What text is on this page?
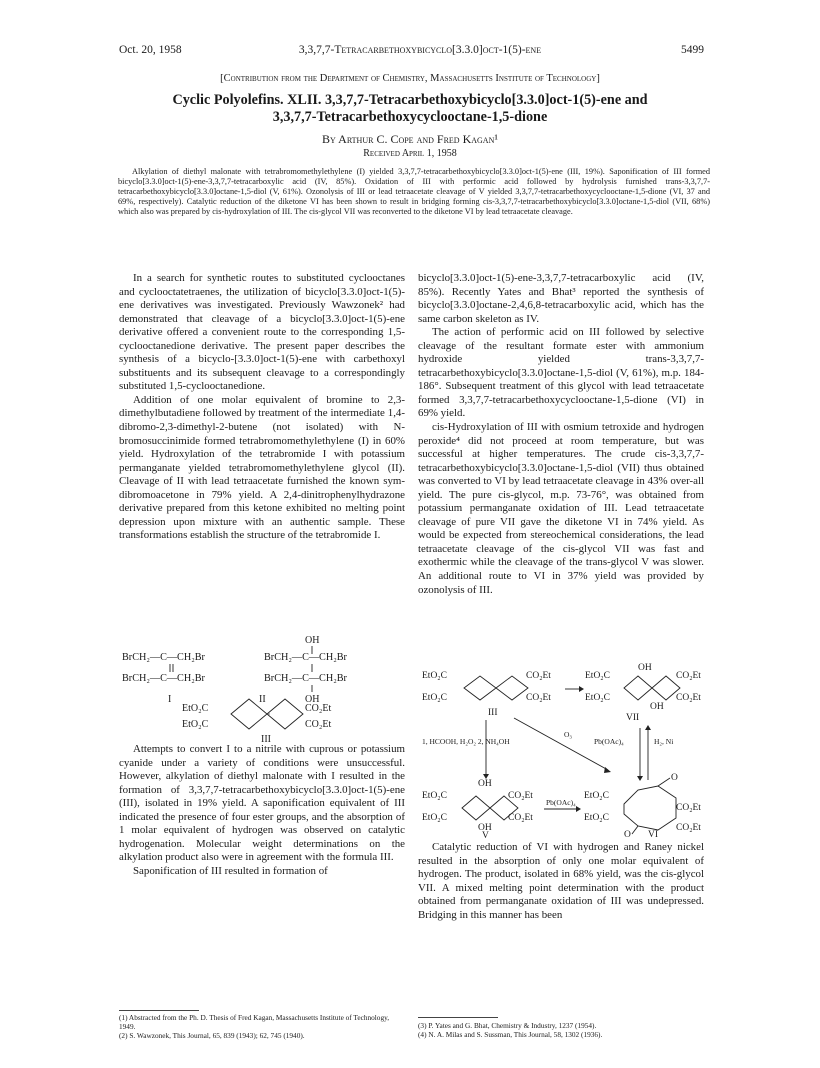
Oct. 20, 1958	3,3,7,7-Tetracarbethoxybicyclo[3.3.0]oct-1(5)-ene	5499
[Contribution from the Department of Chemistry, Massachusetts Institute of Technology]
Cyclic Polyolefins. XLII. 3,3,7,7-Tetracarbethoxybicyclo[3.3.0]oct-1(5)-ene and
3,3,7,7-Tetracarbethoxycyclooctane-1,5-dione
By Arthur C. Cope and Fred Kagan¹
Received April 1, 1958
Alkylation of diethyl malonate with tetrabromomethylethylene (I) yielded 3,3,7,7-tetracarbethoxybicyclo[3.3.0]oct-1(5)-ene (III, 19%). Saponification of III formed bicyclo[3.3.0]oct-1(5)-ene-3,3,7,7-tetracarboxylic acid (IV, 85%). Oxidation of III with performic acid followed by hydrolysis furnished trans-3,3,7,7-tetracarbethoxybicyclo[3.3.0]octane-1,5-diol (V, 61%). Ozonolysis of III or lead tetraacetate cleavage of V yielded 3,3,7,7-tetracarbethoxycyclooctane-1,5-dione (VI, 37 and 69%, respectively). Catalytic reduction of the diketone VI has been shown to result in bridging forming cis-3,3,7,7-tetracarbethoxybicyclo[3.3.0]octane-1,5-diol (VII, 68%) which also was prepared by cis-hydroxylation of III. The cis-glycol VII was reconverted to the diketone VI by lead tetraacetate cleavage.

In a search for synthetic routes to substituted cyclooctanes and cyclooctatetraenes, the utilization of bicyclo[3.3.0]oct-1(5)-ene derivatives was investigated. Previously Wawzonek² had demonstrated that cleavage of a bicyclo[3.3.0]oct-1(5)-ene derivative offered a convenient route to the corresponding 1,5-cyclooctanedione derivative. The present paper describes the synthesis of a bicyclo-[3.3.0]oct-1(5)-ene with carbethoxyl substituents and its subsequent cleavage to a correspondingly substituted 1,5-cyclooctanedione.

Addition of one molar equivalent of bromine to 2,3-dimethylbutadiene followed by treatment of the intermediate 1,4-dibromo-2,3-dimethyl-2-butene (not isolated) with N-bromosuccinimide formed tetrabromomethylethylene (I) in 60% yield. Hydroxylation of the tetrabromide I with potassium permanganate yielded tetrabromomethylethylene glycol (II). Cleavage of II with lead tetraacetate furnished the known sym-dibromoacetone in 79% yield. A 2,4-dinitrophenylhydrazone derivative prepared from this ketone exhibited no melting point depression upon mixture with an authentic sample. These transformations establish the structure of the tetrabromide I.

OH
BrCH₂—C—CH₂Br
BrCH₂—C—CH₂Br
BrCH₂—C—CH₂Br
BrCH₂—C—CH₂Br
I	II	OH
EtO₂C
EtO₂C
CO₂Et
CO₂Et
III

Attempts to convert I to a nitrile with cuprous or potassium cyanide under a variety of conditions were unsuccessful. However, alkylation of diethyl malonate with I resulted in the formation of 3,3,7,7-tetracarbethoxybicyclo[3.3.0]oct-1(5)-ene (III), isolated in 19% yield. A saponification equivalent of III indicated the presence of four ester groups, and the absorption of 1 molar equivalent of hydrogen was observed on catalytic hydrogenation. Molecular weight determinations on the alkylation product also were in agreement with the formula III.

Saponification of III resulted in formation of

(1) Abstracted from the Ph. D. Thesis of Fred Kagan, Massachusetts Institute of Technology, 1949.
(2) S. Wawzonek, This Journal, 65, 839 (1943); 62, 745 (1940).

bicyclo[3.3.0]oct-1(5)-ene-3,3,7,7-tetracarboxylic acid (IV, 85%). Recently Yates and Bhat³ reported the synthesis of bicyclo[3.3.0]octane-2,4,6,8-tetracarboxylic acid, which has the same carbon skeleton as IV.

The action of performic acid on III followed by selective cleavage of the resultant formate ester with ammonium hydroxide yielded trans-3,3,7,7-tetracarbethoxybicyclo[3.3.0]octane-1,5-diol (V, 61%), m.p. 184-186°. Subsequent treatment of this glycol with lead tetraacetate formed 3,3,7,7-tetracarbethoxycyclooctane-1,5-dione (VI) in 69% yield.

cis-Hydroxylation of III with osmium tetroxide and hydrogen peroxide⁴ did not proceed at room temperature, but was successful at higher temperatures. The crude cis-3,3,7,7-tetracarbethoxybicyclo[3.3.0]octane-1,5-diol (VII) thus obtained was converted to VI by lead tetraacetate cleavage in 43% over-all yield. The pure cis-glycol, m.p. 73-76°, was obtained from potassium permanganate oxidation of III. Lead tetraacetate cleavage of pure VII gave the diketone VI in 74% yield. As would be expected from stereochemical considerations, the lead tetraacetate cleavage of the cis-glycol VII was fast and exothermic while the cleavage of the trans-glycol V was slower. An additional route to VI in 37% yield was provided by ozonolysis of III.

EtO₂C
EtO₂C
CO₂Et
CO₂Et
III
EtO₂C
EtO₂C
OH
CO₂Et
CO₂Et
OH
VII
1, HCOOH, H₂O₂ 2, NH₄OH
O₃
Pb(OAc)₄	H₂, Ni
EtO₂C
EtO₂C
OH
CO₂Et
CO₂Et
OH
V
Pb(OAc)₄
EtO₂C
EtO₂C
O
O
CO₂Et
CO₂Et
VI

Catalytic reduction of VI with hydrogen and Raney nickel resulted in the absorption of only one molar equivalent of hydrogen. The product, isolated in 68% yield, was the cis-glycol VII. A mixed melting point determination with the product obtained from permanganate oxidation of III was undepressed. Bridging in this manner has been

(3) P. Yates and G. Bhat, Chemistry & Industry, 1237 (1954).
(4) N. A. Milas and S. Sussman, This Journal, 58, 1302 (1936).
